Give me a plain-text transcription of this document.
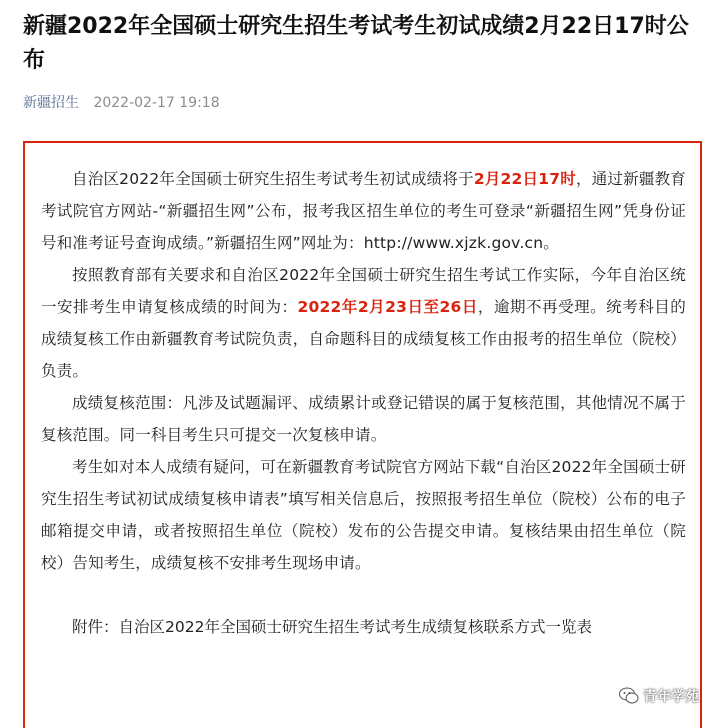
新疆2022年全国硕士研究生招生考试考生初试成绩2月22日17时公布
新疆招生 2022-02-17 19:18

自治区2022年全国硕士研究生招生考试考生初试成绩将于2月22日17时，通过新疆教育考试院官方网站-“新疆招生网”公布，报考我区招生单位的考生可登录“新疆招生网”凭身份证号和准考证号查询成绩。”新疆招生网”网址为：http://www.xjzk.gov.cn。

按照教育部有关要求和自治区2022年全国硕士研究生招生考试工作实际，今年自治区统一安排考生申请复核成绩的时间为：2022年2月23日至26日，逾期不再受理。统考科目的成绩复核工作由新疆教育考试院负责，自命题科目的成绩复核工作由报考的招生单位（院校）负责。

成绩复核范围：凡涉及试题漏评、成绩累计或登记错误的属于复核范围，其他情况不属于复核范围。同一科目考生只可提交一次复核申请。

考生如对本人成绩有疑问，可在新疆教育考试院官方网站下载“自治区2022年全国硕士研究生招生考试初试成绩复核申请表”填写相关信息后，按照报考招生单位（院校）公布的电子邮箱提交申请，或者按照招生单位（院校）发布的公告提交申请。复核结果由招生单位（院校）告知考生，成绩复核不安排考生现场申请。

附件：自治区2022年全国硕士研究生招生考试考生成绩复核联系方式一览表

青年学苑
